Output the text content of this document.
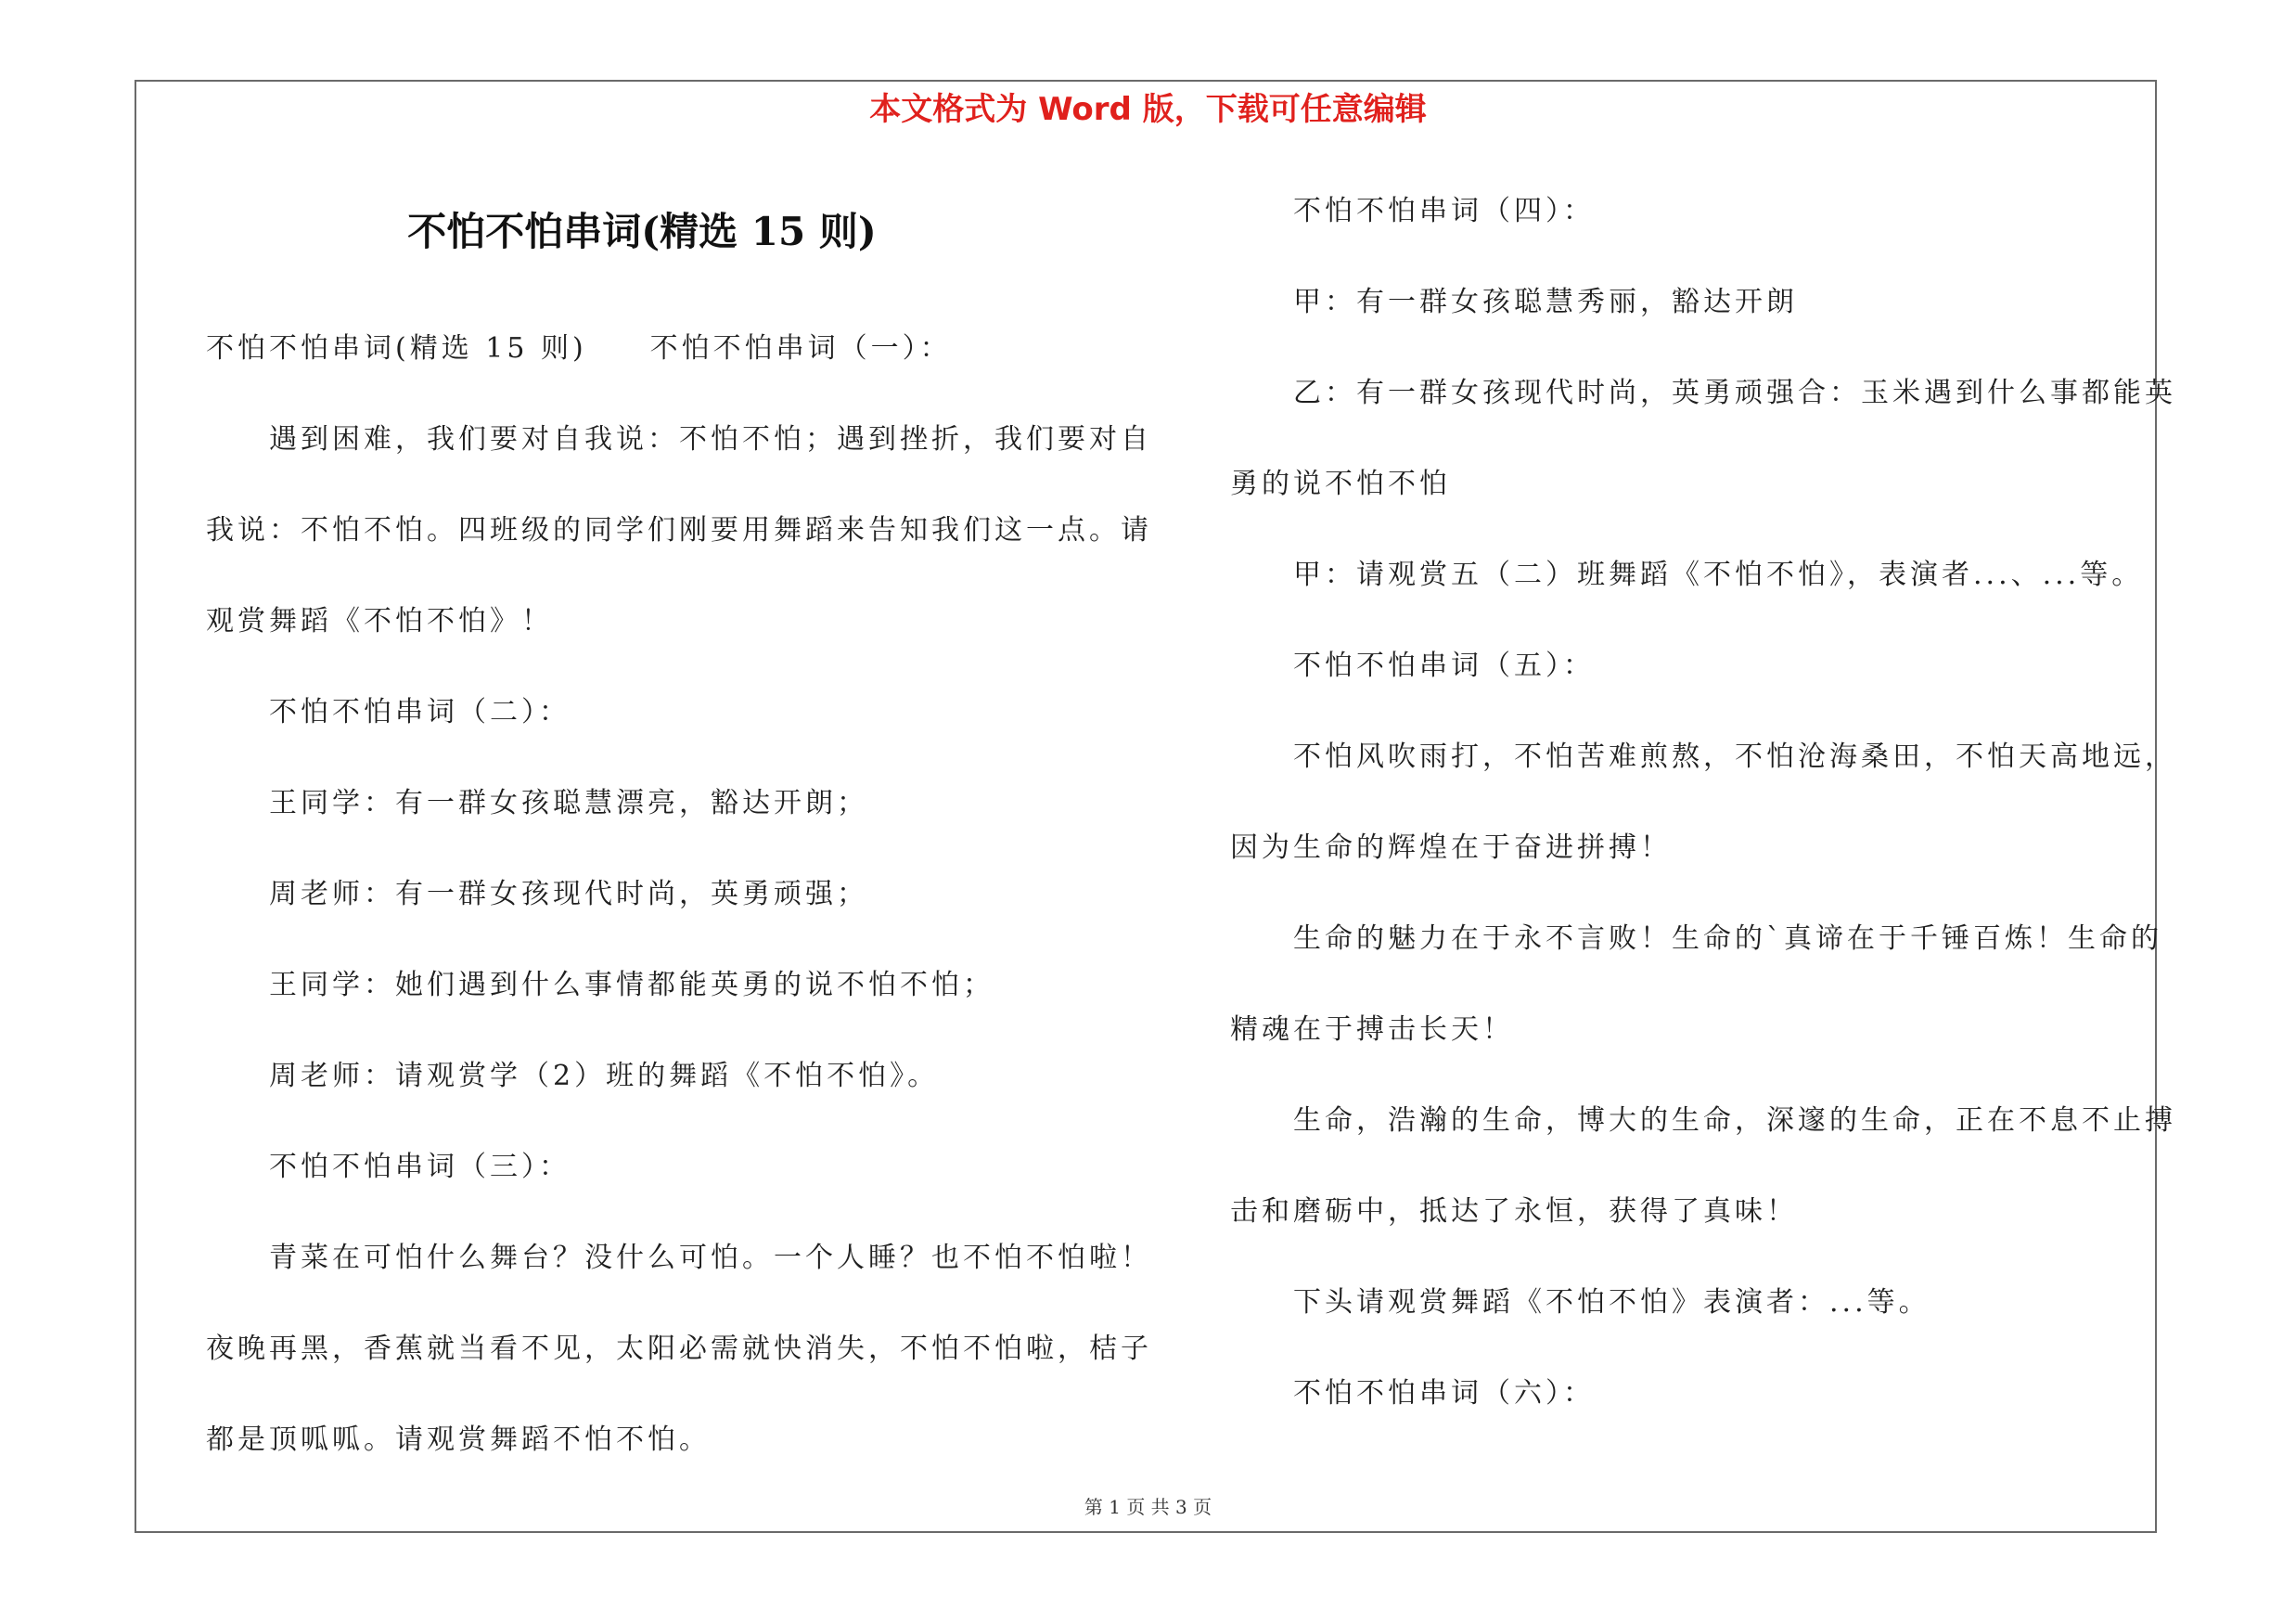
本文格式为 Word 版，下载可任意编辑
不怕不怕串词(精选 15 则)
不怕不怕串词(精选 15 则)　　不怕不怕串词（一）：
遇到困难，我们要对自我说：不怕不怕；遇到挫折，我们要对自
我说：不怕不怕。四班级的同学们刚要用舞蹈来告知我们这一点。请
观赏舞蹈《不怕不怕》！
不怕不怕串词（二）：
王同学：有一群女孩聪慧漂亮，豁达开朗；
周老师：有一群女孩现代时尚，英勇顽强；
王同学：她们遇到什么事情都能英勇的说不怕不怕；
周老师：请观赏学（2）班的舞蹈《不怕不怕》。
不怕不怕串词（三）：
青菜在可怕什么舞台？没什么可怕。一个人睡？也不怕不怕啦！
夜晚再黑，香蕉就当看不见，太阳必需就快消失，不怕不怕啦，桔子
都是顶呱呱。请观赏舞蹈不怕不怕。
不怕不怕串词（四）：
甲：有一群女孩聪慧秀丽，豁达开朗
乙：有一群女孩现代时尚，英勇顽强合：玉米遇到什么事都能英
勇的说不怕不怕
甲：请观赏五（二）班舞蹈《不怕不怕》，表演者...、...等。
不怕不怕串词（五）：
不怕风吹雨打，不怕苦难煎熬，不怕沧海桑田，不怕天高地远，
因为生命的辉煌在于奋进拼搏！
生命的魅力在于永不言败！生命的`真谛在于千锤百炼！生命的
精魂在于搏击长天！
生命，浩瀚的生命，博大的生命，深邃的生命，正在不息不止搏
击和磨砺中，抵达了永恒，获得了真味！
下头请观赏舞蹈《不怕不怕》表演者：...等。
不怕不怕串词（六）：
第 1 页 共 3 页
